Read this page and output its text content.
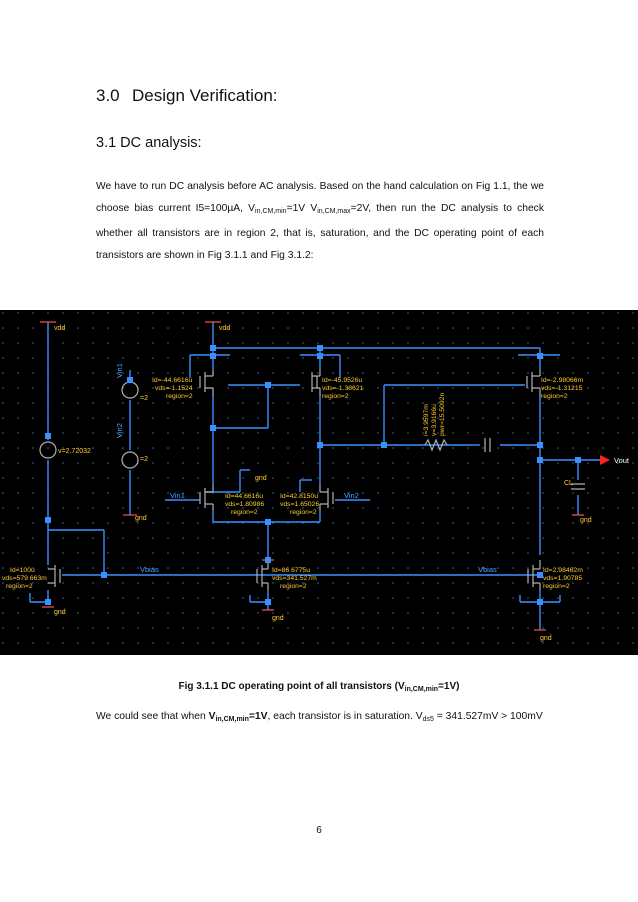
3.0 Design Verification:
3.1 DC analysis:
We have to run DC analysis before AC analysis. Based on the hand calculation on Fig 1.1, the we choose bias current I5=100µA, $V_{in,CM,min}=1V$ $V_{in,CM,max}=2V$, then run the DC analysis to check whether all transistors are in region 2, that is, saturation, and the DC operating point of each transistors are shown in Fig 3.1.1 and Fig 3.1.2:
vdd	vdd
gnd
gnd
gnd
gnd	gnd
gnd
v=2.72032
=2
=2
CL
Vin1	Vin2
Vbias	Vbias
Vout
Vin1
Vin2
Id=-44.6616u
vds=-1.1524
region=2
Id=-45.9526u
vds=-1.38621
region=2
Id=-2.98066m
vds=-1.31215
region=2
Id=44.6616u
vds=1.80986
region=2
Id=42.8150u
vds=1.65026
region=2
Id=100u
vds=579.663m
region=2
Id=86.6775u
vds=341.527m
region=2
Id=2.98462m
vds=1.90785
region=2
i=3.9597m v=3.9166u pwr=15.5092n
Fig 3.1.1 DC operating point of all transistors $(V_{in,CM,min}=1V)$
We could see that when $V_{in,CM,min}=1V$, each transistor is in saturation. $V_{ds5} = 341.527mV > 100mV$
6
